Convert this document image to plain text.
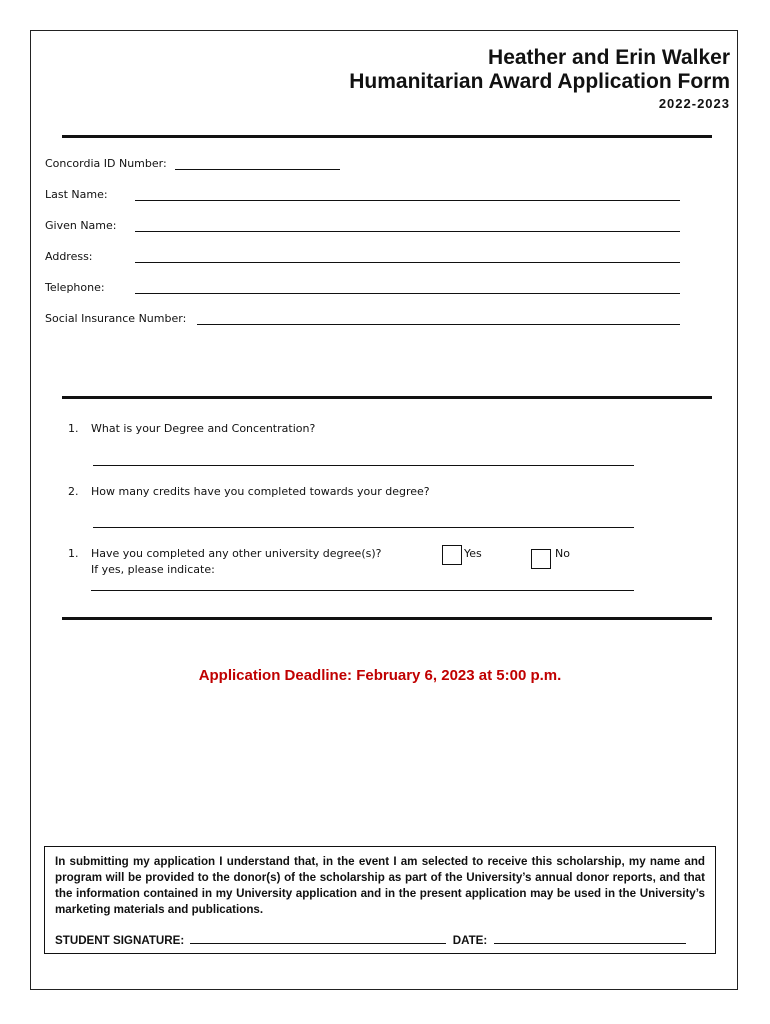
Heather and Erin Walker
Humanitarian Award Application Form
2022-2023
Concordia ID Number:
Last Name:
Given Name:
Address:
Telephone:
Social Insurance Number:
1. What is your Degree and Concentration?
2. How many credits have you completed towards your degree?
1. Have you completed any other university degree(s)?
If yes, please indicate:
Yes	No
Application Deadline: February 6, 2023 at 5:00 p.m.
In submitting my application I understand that, in the event I am selected to receive this scholarship, my name and program will be provided to the donor(s) of the scholarship as part of the University’s annual donor reports, and that the information contained in my University application and in the present application may be used in the University’s marketing materials and publications.
STUDENT SIGNATURE:	DATE:
